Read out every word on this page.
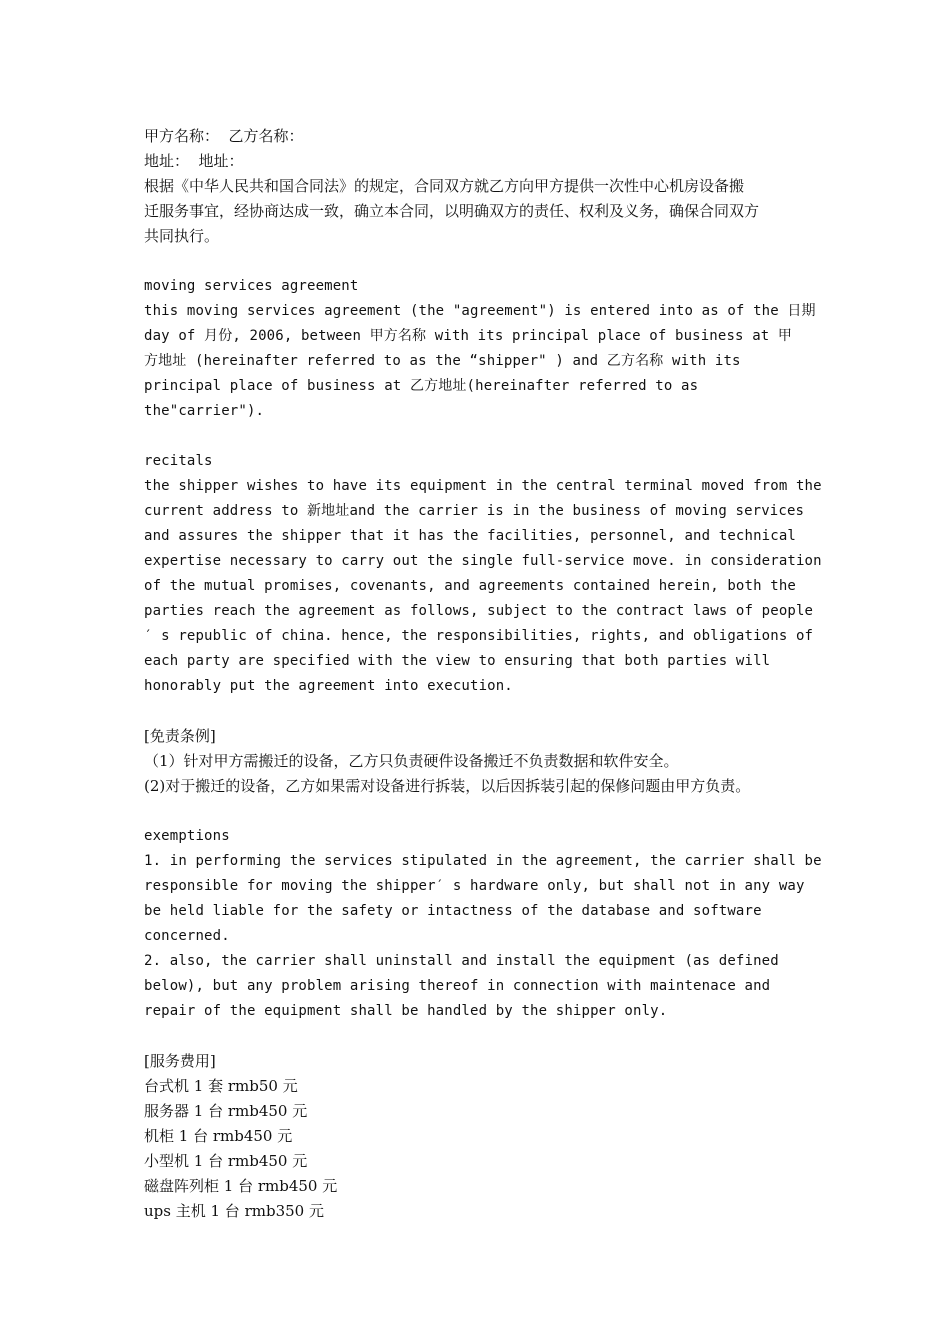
甲方名称：  乙方名称：
地址：  地址：
根据《中华人民共和国合同法》的规定，合同双方就乙方向甲方提供一次性中心机房设备搬
迁服务事宜，经协商达成一致，确立本合同，以明确双方的责任、权利及义务，确保合同双方
共同执行。
moving services agreement
this moving services agreement (the "agreement") is entered into as of the 日期
day of 月份, 2006, between 甲方名称 with its principal place of business at 甲
方地址 (hereinafter referred to as the “shipper" ) and 乙方名称 with its
principal place of business at 乙方地址(hereinafter referred to as
the"carrier").
recitals
the shipper wishes to have its equipment in the central terminal moved from the
current address to 新地址and the carrier is in the business of moving services
and assures the shipper that it has the facilities, personnel, and technical
expertise necessary to carry out the single full-service move. in consideration
of the mutual promises, covenants, and agreements contained herein, both the
parties reach the agreement as follows, subject to the contract laws of people
′ s republic of china. hence, the responsibilities, rights, and obligations of
each party are specified with the view to ensuring that both parties will
honorably put the agreement into execution.
[免责条例]
（1）针对甲方需搬迁的设备，乙方只负责硬件设备搬迁不负责数据和软件安全。
(2)对于搬迁的设备，乙方如果需对设备进行拆装，以后因拆装引起的保修问题由甲方负责。
exemptions
1. in performing the services stipulated in the agreement, the carrier shall be
responsible for moving the shipper′ s hardware only, but shall not in any way
be held liable for the safety or intactness of the database and software
concerned.
2. also, the carrier shall uninstall and install the equipment (as defined
below), but any problem arising thereof in connection with maintenace and
repair of the equipment shall be handled by the shipper only.
[服务费用]
台式机 1 套 rmb50 元
服务器 1 台 rmb450 元
机柜 1 台 rmb450 元
小型机 1 台 rmb450 元
磁盘阵列柜 1 台 rmb450 元
ups 主机 1 台 rmb350 元
